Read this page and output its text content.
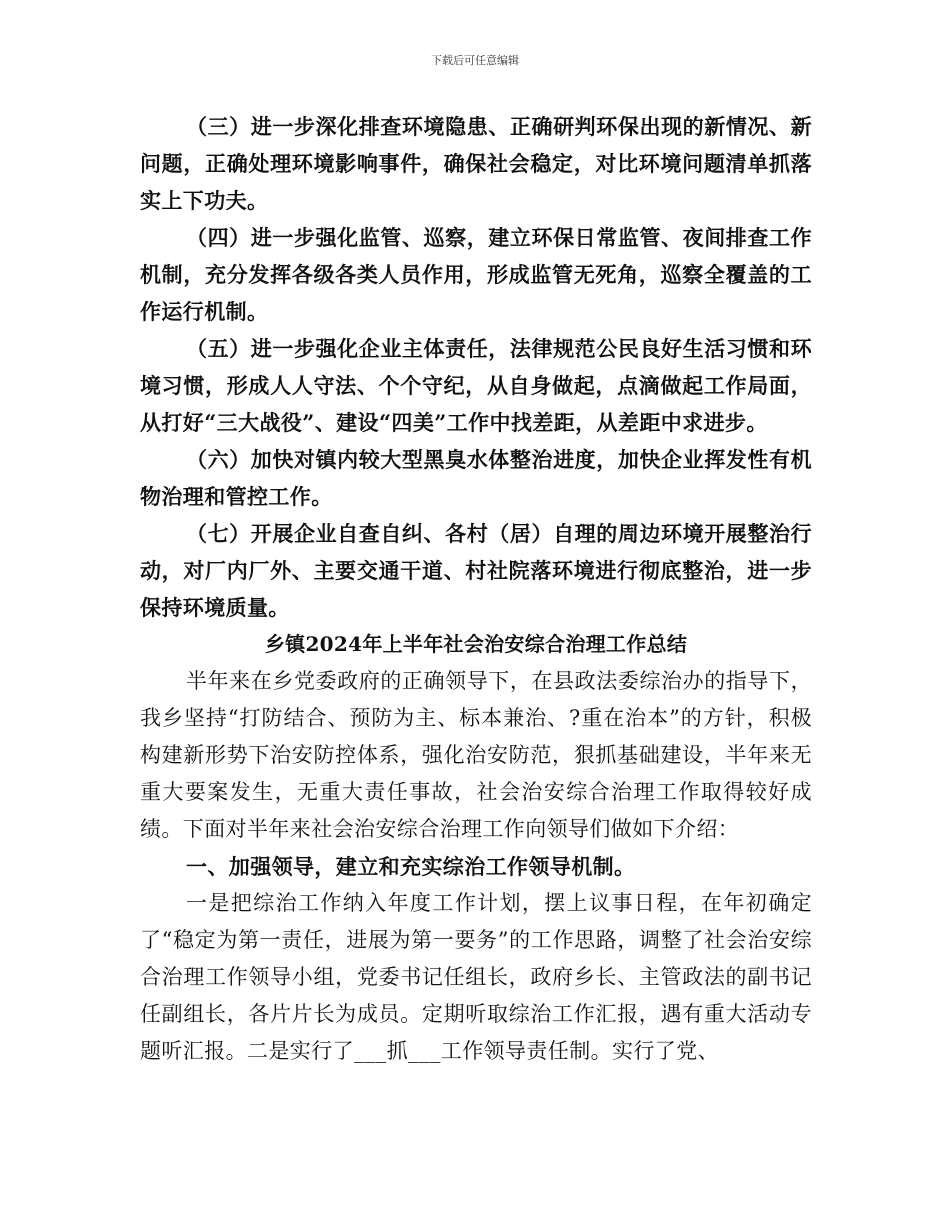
下载后可任意编辑

（三）进一步深化排查环境隐患、正确研判环保出现的新情况、新问题，正确处理环境影响事件，确保社会稳定，对比环境问题清单抓落实上下功夫。

（四）进一步强化监管、巡察，建立环保日常监管、夜间排查工作机制，充分发挥各级各类人员作用，形成监管无死角，巡察全覆盖的工作运行机制。

（五）进一步强化企业主体责任，法律规范公民良好生活习惯和环境习惯，形成人人守法、个个守纪，从自身做起，点滴做起工作局面，从打好“三大战役”、建设“四美”工作中找差距，从差距中求进步。

（六）加快对镇内较大型黑臭水体整治进度，加快企业挥发性有机物治理和管控工作。

（七）开展企业自查自纠、各村（居）自理的周边环境开展整治行动，对厂内厂外、主要交通干道、村社院落环境进行彻底整治，进一步保持环境质量。

乡镇2024年上半年社会治安综合治理工作总结

半年来在乡党委政府的正确领导下，在县政法委综治办的指导下，我乡坚持“打防结合、预防为主、标本兼治、?重在治本”的方针，积极构建新形势下治安防控体系，强化治安防范，狠抓基础建设，半年来无重大要案发生，无重大责任事故，社会治安综合治理工作取得较好成绩。下面对半年来社会治安综合治理工作向领导们做如下介绍：

一、加强领导，建立和充实综治工作领导机制。

一是把综治工作纳入年度工作计划，摆上议事日程，在年初确定了“稳定为第一责任，进展为第一要务”的工作思路，调整了社会治安综合治理工作领导小组，党委书记任组长，政府乡长、主管政法的副书记任副组长，各片片长为成员。定期听取综治工作汇报，遇有重大活动专题听汇报。二是实行了___抓___工作领导责任制。实行了党、
